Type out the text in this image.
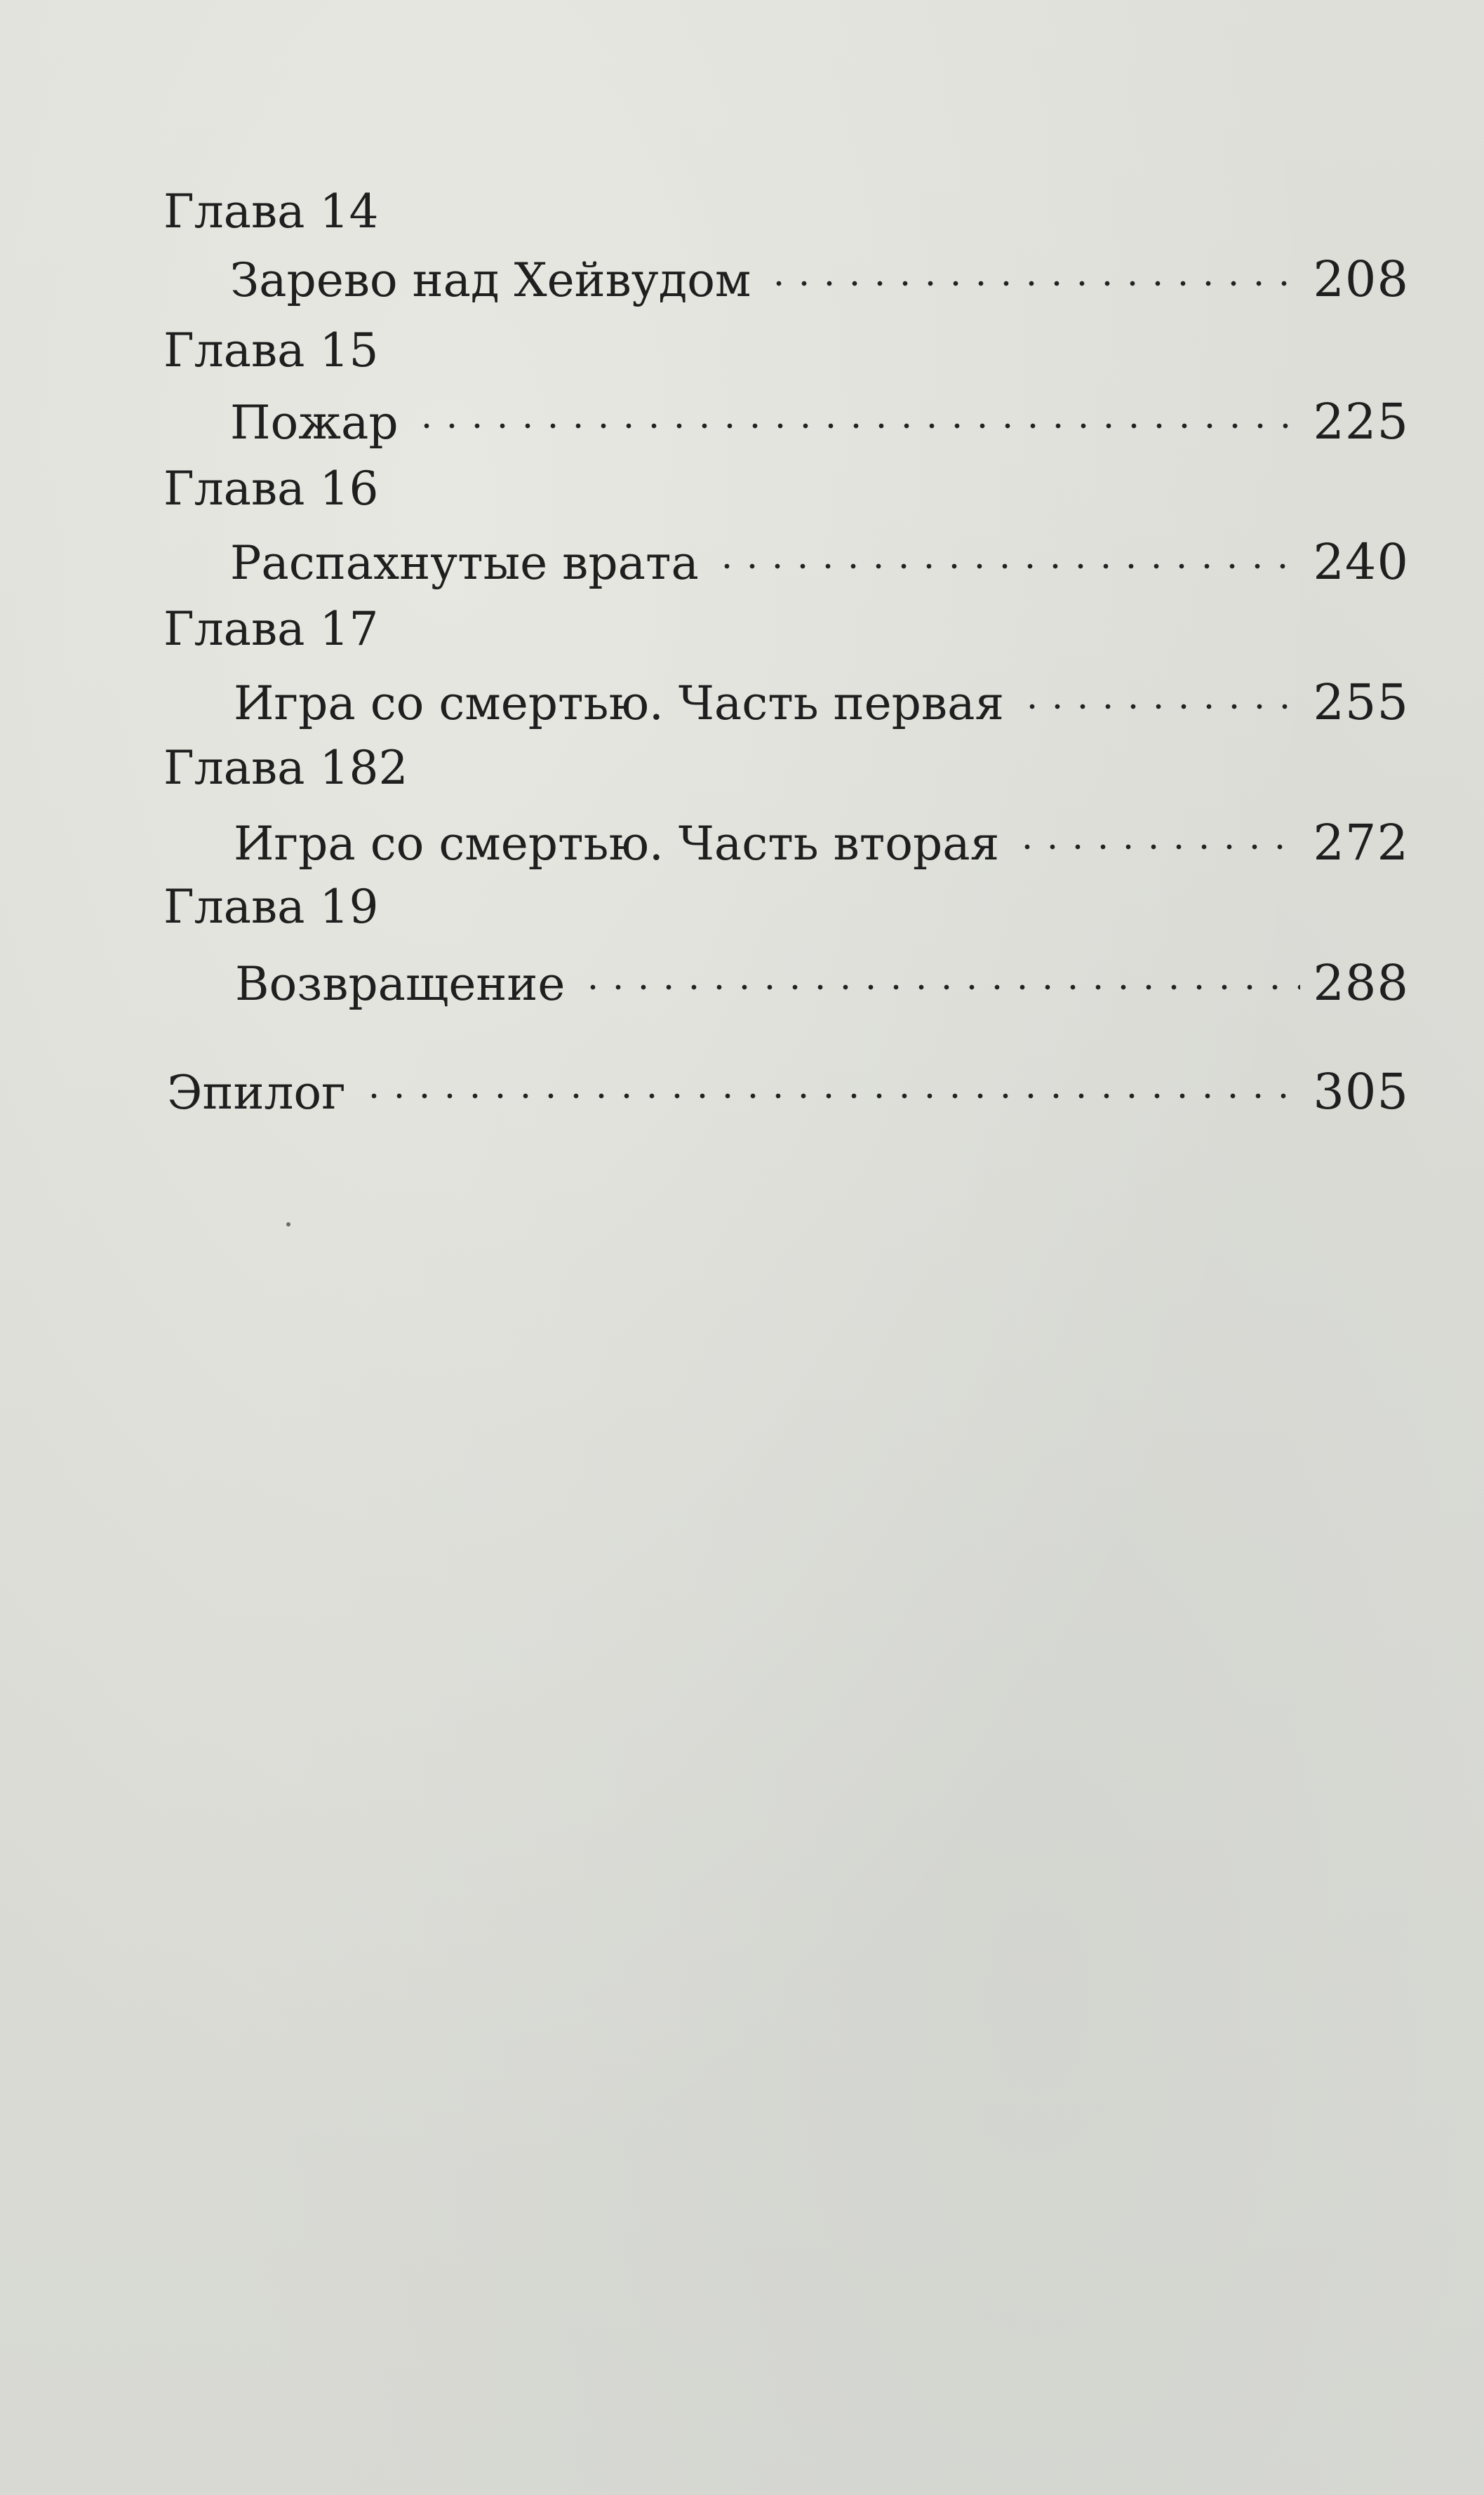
Глава 14
Зарево над Хейвудом	208
Глава 15
Пожар	225
Глава 16
Распахнутые врата	240
Глава 17
Игра со смертью. Часть первая	255
Глава 182
Игра со смертью. Часть вторая	272
Глава 19
Возвращение	288
Эпилог	305
